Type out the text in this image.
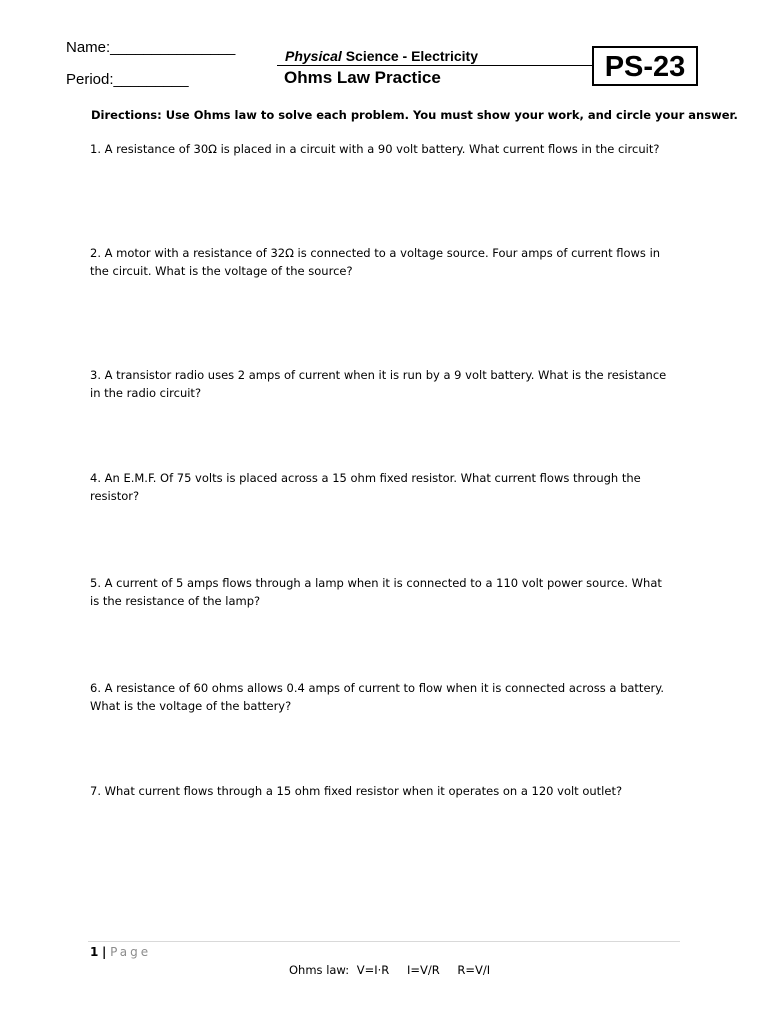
Name:_______________
Period:_________
Physical Science - Electricity
Ohms Law Practice	PS-23
Directions: Use Ohms law to solve each problem. You must show your work, and circle your answer.
1. A resistance of 30Ω is placed in a circuit with a 90 volt battery. What current flows in the circuit?
2. A motor with a resistance of 32Ω is connected to a voltage source. Four amps of current flows in the circuit. What is the voltage of the source?
3. A transistor radio uses 2 amps of current when it is run by a 9 volt battery. What is the resistance in the radio circuit?
4. An E.M.F. Of 75 volts is placed across a 15 ohm fixed resistor. What current flows through the resistor?
5. A current of 5 amps flows through a lamp when it is connected to a 110 volt power source. What is the resistance of the lamp?
6. A resistance of 60 ohms allows 0.4 amps of current to flow when it is connected across a battery. What is the voltage of the battery?
7. What current flows through a 15 ohm fixed resistor when it operates on a 120 volt outlet?
1 | Page
Ohms law: V=I·R I=V/R R=V/I
